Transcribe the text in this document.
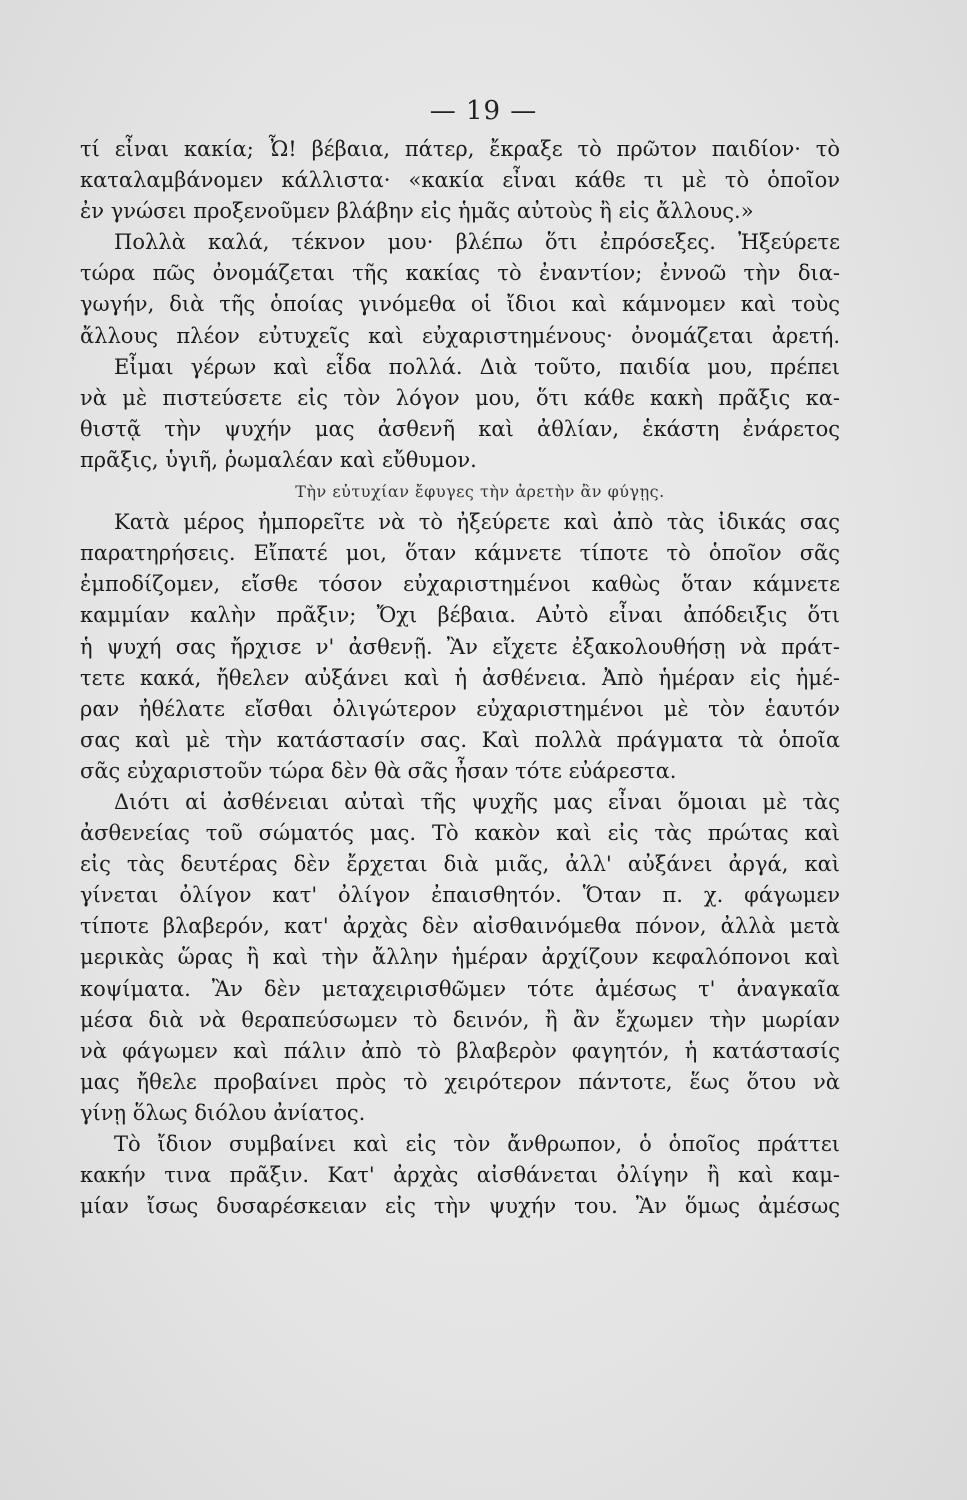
— 19 —
τί εἶναι κακία; Ὦ! βέβαια, πάτερ, ἔκραξε τὸ πρῶτον παιδίον· τὸ
καταλαμβάνομεν κάλλιστα· «κακία εἶναι κάθε τι μὲ τὸ ὁποῖον
ἐν γνώσει προξενοῦμεν βλάβην εἰς ἡμᾶς αὐτοὺς ἢ εἰς ἄλλους.»
Πολλὰ καλά, τέκνον μου· βλέπω ὅτι ἐπρόσεξες. Ἠξεύρετε
τώρα πῶς ὀνομάζεται τῆς κακίας τὸ ἐναντίον; ἐννοῶ τὴν δια-
γωγήν, διὰ τῆς ὁποίας γινόμεθα οἱ ἴδιοι καὶ κάμνομεν καὶ τοὺς
ἄλλους πλέον εὐτυχεῖς καὶ εὐχαριστημένους· ὀνομάζεται ἀρετή.
Εἶμαι γέρων καὶ εἶδα πολλά. Διὰ τοῦτο, παιδία μου, πρέπει
νὰ μὲ πιστεύσετε εἰς τὸν λόγον μου, ὅτι κάθε κακὴ πρᾶξις κα-
θιστᾷ τὴν ψυχήν μας ἀσθενῆ καὶ ἀθλίαν, ἑκάστη ἐνάρετος
πρᾶξις, ὑγιῆ, ῥωμαλέαν καὶ εὔθυμον.
Τὴν εὐτυχίαν ἔφυγες τὴν ἀρετὴν ἂν φύγῃς.
Κατὰ μέρος ἠμπορεῖτε νὰ τὸ ἠξεύρετε καὶ ἀπὸ τὰς ἰδικάς σας
παρατηρήσεις. Εἴπατέ μοι, ὅταν κάμνετε τίποτε τὸ ὁποῖον σᾶς
ἐμποδίζομεν, εἴσθε τόσον εὐχαριστημένοι καθὼς ὅταν κάμνετε
καμμίαν καλὴν πρᾶξιν; Ὄχι βέβαια. Αὐτὸ εἶναι ἀπόδειξις ὅτι
ἡ ψυχή σας ἤρχισε ν' ἀσθενῇ. Ἂν εἴχετε ἐξακολουθήσῃ νὰ πράτ-
τετε κακά, ἤθελεν αὐξάνει καὶ ἡ ἀσθένεια. Ἀπὸ ἡμέραν εἰς ἡμέ-
ραν ἠθέλατε εἴσθαι ὀλιγώτερον εὐχαριστημένοι μὲ τὸν ἑαυτόν
σας καὶ μὲ τὴν κατάστασίν σας. Καὶ πολλὰ πράγματα τὰ ὁποῖα
σᾶς εὐχαριστοῦν τώρα δὲν θὰ σᾶς ἦσαν τότε εὐάρεστα.
Διότι αἱ ἀσθένειαι αὐταὶ τῆς ψυχῆς μας εἶναι ὅμοιαι μὲ τὰς
ἀσθενείας τοῦ σώματός μας. Τὸ κακὸν καὶ εἰς τὰς πρώτας καὶ
εἰς τὰς δευτέρας δὲν ἔρχεται διὰ μιᾶς, ἀλλ' αὐξάνει ἀργά, καὶ
γίνεται ὀλίγον κατ' ὀλίγον ἐπαισθητόν. Ὅταν π. χ. φάγωμεν
τίποτε βλαβερόν, κατ' ἀρχὰς δὲν αἰσθαινόμεθα πόνον, ἀλλὰ μετὰ
μερικὰς ὥρας ἢ καὶ τὴν ἄλλην ἡμέραν ἀρχίζουν κεφαλόπονοι καὶ
κοψίματα. Ἂν δὲν μεταχειρισθῶμεν τότε ἀμέσως τ' ἀναγκαῖα
μέσα διὰ νὰ θεραπεύσωμεν τὸ δεινόν, ἢ ἂν ἔχωμεν τὴν μωρίαν
νὰ φάγωμεν καὶ πάλιν ἀπὸ τὸ βλαβερὸν φαγητόν, ἡ κατάστασίς
μας ἤθελε προβαίνει πρὸς τὸ χειρότερον πάντοτε, ἕως ὅτου νὰ
γίνῃ ὅλως διόλου ἀνίατος.
Τὸ ἴδιον συμβαίνει καὶ εἰς τὸν ἄνθρωπον, ὁ ὁποῖος πράττει
κακήν τινα πρᾶξιν. Κατ' ἀρχὰς αἰσθάνεται ὀλίγην ἢ καὶ καμ-
μίαν ἴσως δυσαρέσκειαν εἰς τὴν ψυχήν του. Ἂν ὅμως ἀμέσως
